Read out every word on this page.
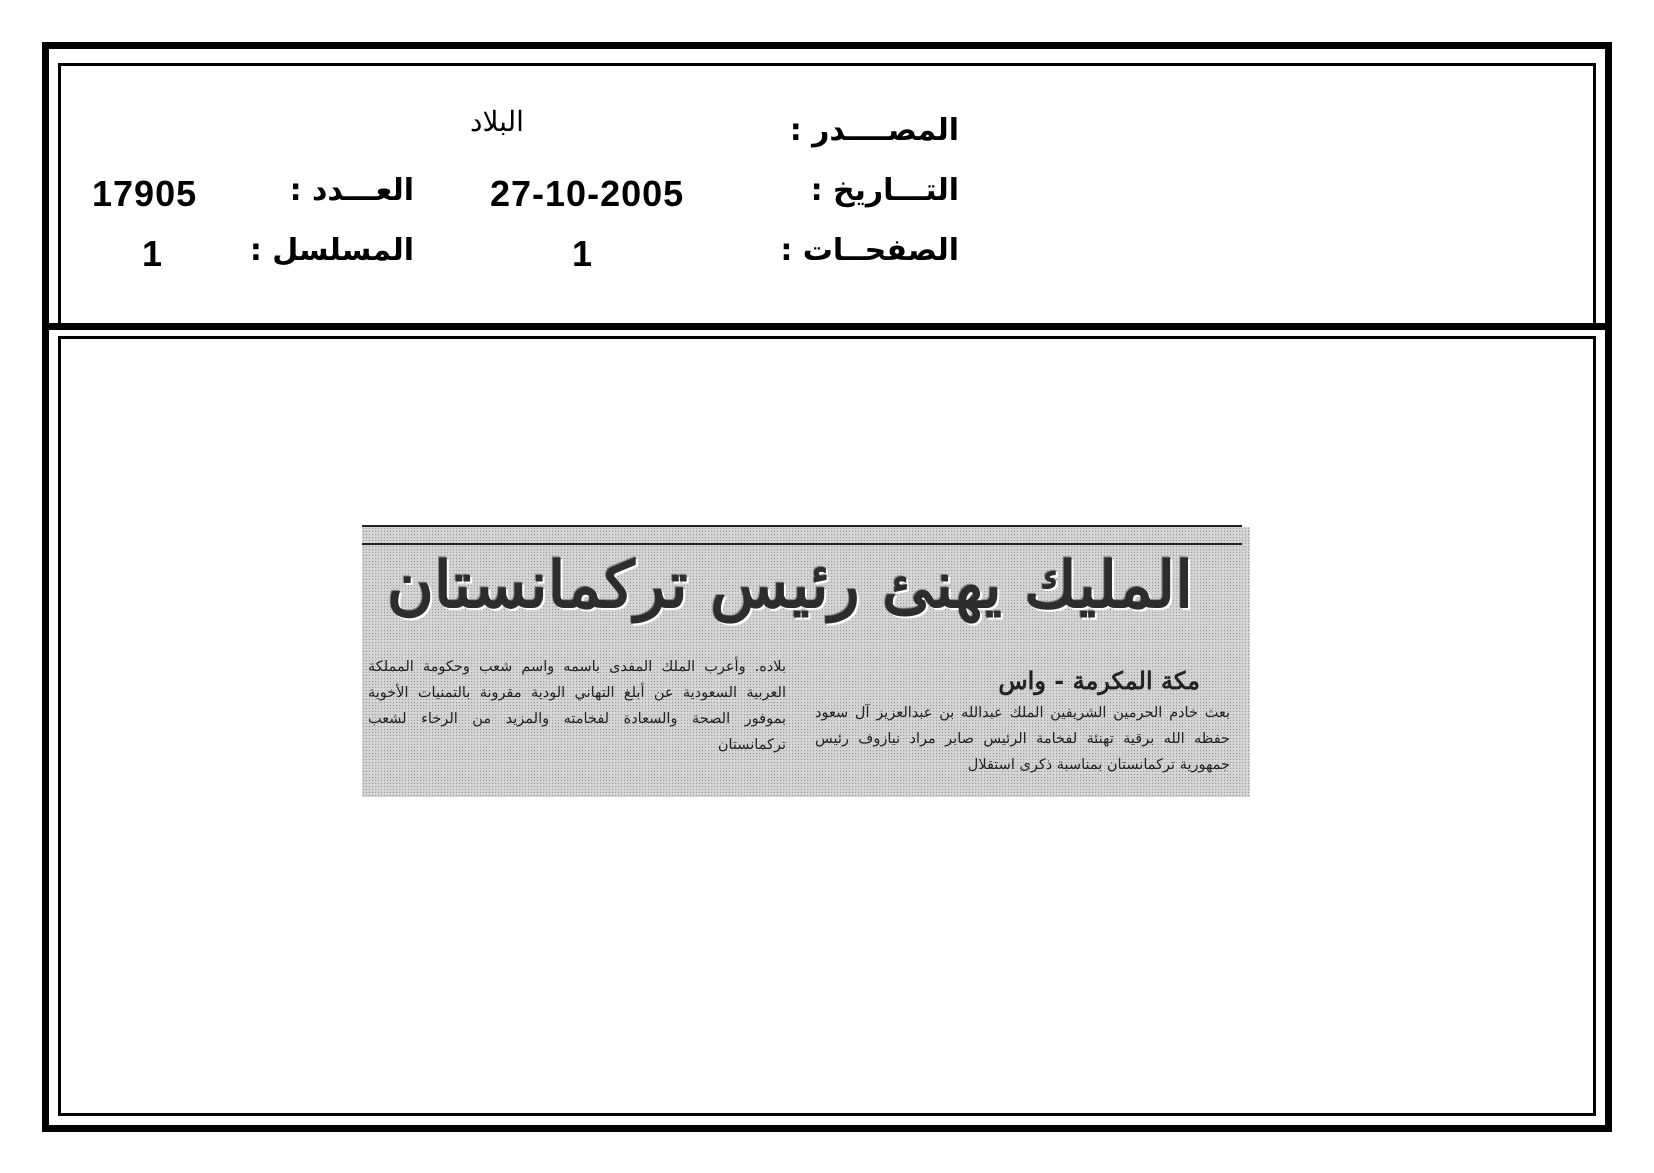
المصــــدر :
البلاد
التـــاريخ :
27-10-2005
العـــدد :
17905
الصفحــات :
1
المسلسل :
1
المليك يهنئ رئيس تركمانستان
مكة المكرمة - واس
بعث خادم الحرمين الشريفين الملك عبدالله بن عبدالعزيز آل سعود حفظه الله برقية تهنئة لفخامة الرئيس صابر مراد نيازوف رئيس جمهورية تركمانستان بمناسبة ذكرى استقلال
بلاده. وأعرب الملك المفدى باسمه واسم شعب وحكومة المملكة العربية السعودية عن أبلغ التهاني الودية مقرونة بالتمنيات الأخوية بموفور الصحة والسعادة لفخامته والمزيد من الرخاء لشعب تركمانستان
